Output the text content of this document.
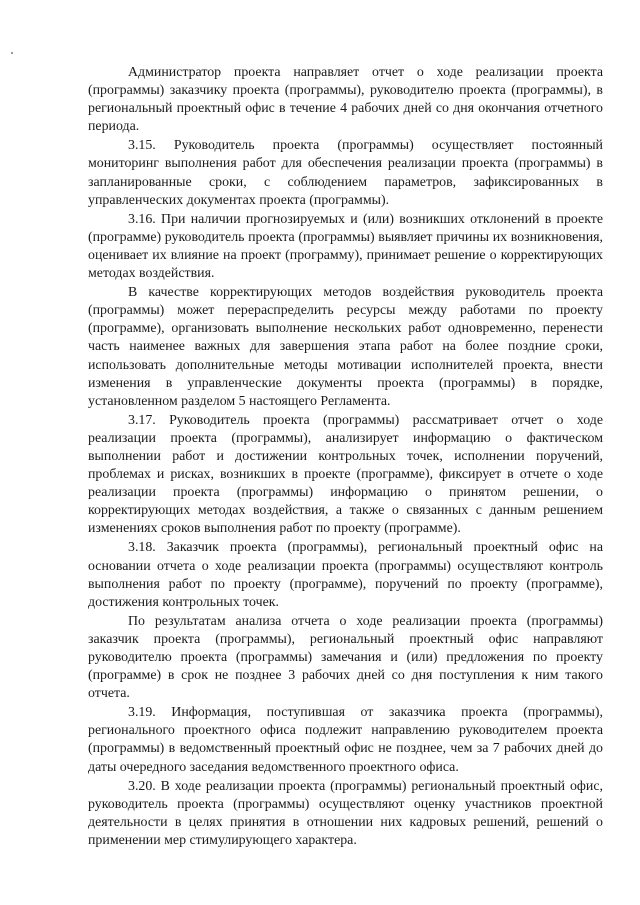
Администратор проекта направляет отчет о ходе реализации проекта (программы) заказчику проекта (программы), руководителю проекта (программы), в региональный проектный офис в течение 4 рабочих дней со дня окончания отчетного периода.

3.15. Руководитель проекта (программы) осуществляет постоянный мониторинг выполнения работ для обеспечения реализации проекта (программы) в запланированные сроки, с соблюдением параметров, зафиксированных в управленческих документах проекта (программы).

3.16. При наличии прогнозируемых и (или) возникших отклонений в проекте (программе) руководитель проекта (программы) выявляет причины их возникновения, оценивает их влияние на проект (программу), принимает решение о корректирующих методах воздействия.

В качестве корректирующих методов воздействия руководитель проекта (программы) может перераспределить ресурсы между работами по проекту (программе), организовать выполнение нескольких работ одновременно, перенести часть наименее важных для завершения этапа работ на более поздние сроки, использовать дополнительные методы мотивации исполнителей проекта, внести изменения в управленческие документы проекта (программы) в порядке, установленном разделом 5 настоящего Регламента.

3.17. Руководитель проекта (программы) рассматривает отчет о ходе реализации проекта (программы), анализирует информацию о фактическом выполнении работ и достижении контрольных точек, исполнении поручений, проблемах и рисках, возникших в проекте (программе), фиксирует в отчете о ходе реализации проекта (программы) информацию о принятом решении, о корректирующих методах воздействия, а также о связанных с данным решением изменениях сроков выполнения работ по проекту (программе).

3.18. Заказчик проекта (программы), региональный проектный офис на основании отчета о ходе реализации проекта (программы) осуществляют контроль выполнения работ по проекту (программе), поручений по проекту (программе), достижения контрольных точек.

По результатам анализа отчета о ходе реализации проекта (программы) заказчик проекта (программы), региональный проектный офис направляют руководителю проекта (программы) замечания и (или) предложения по проекту (программе) в срок не позднее 3 рабочих дней со дня поступления к ним такого отчета.

3.19. Информация, поступившая от заказчика проекта (программы), регионального проектного офиса подлежит направлению руководителем проекта (программы) в ведомственный проектный офис не позднее, чем за 7 рабочих дней до даты очередного заседания ведомственного проектного офиса.

3.20. В ходе реализации проекта (программы) региональный проектный офис, руководитель проекта (программы) осуществляют оценку участников проектной деятельности в целях принятия в отношении них кадровых решений, решений о применении мер стимулирующего характера.
